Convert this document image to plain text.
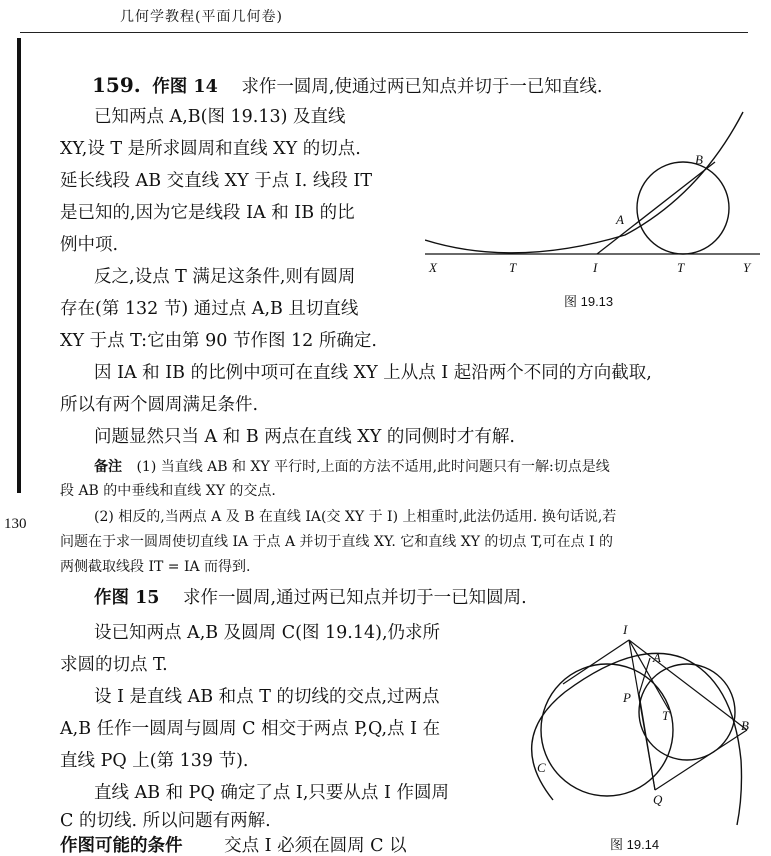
几何学教程(平面几何卷)
130
159. 作图 14 求作一圆周,使通过两已知点并切于一已知直线.
已知两点 A,B(图 19.13) 及直线
XY,设 T 是所求圆周和直线 XY 的切点.
延长线段 AB 交直线 XY 于点 I. 线段 IT
是已知的,因为它是线段 IA 和 IB 的比
例中项.
反之,设点 T 满足这条件,则有圆周
存在(第 132 节) 通过点 A,B 且切直线
XY 于点 T:它由第 90 节作图 12 所确定.
因 IA 和 IB 的比例中项可在直线 XY 上从点 I 起沿两个不同的方向截取,
所以有两个圆周满足条件.
问题显然只当 A 和 B 两点在直线 XY 的同侧时才有解.
备注 (1) 当直线 AB 和 XY 平行时,上面的方法不适用,此时问题只有一解:切点是线
段 AB 的中垂线和直线 XY 的交点.
(2) 相反的,当两点 A 及 B 在直线 IA(交 XY 于 I) 上相重时,此法仍适用. 换句话说,若
问题在于求一圆周使切直线 IA 于点 A 并切于直线 XY. 它和直线 XY 的切点 T,可在点 I 的
两侧截取线段 IT = IA 而得到.
作图 15 求作一圆周,通过两已知点并切于一已知圆周.
设已知两点 A,B 及圆周 C(图 19.14),仍求所
求圆的切点 T.
设 I 是直线 AB 和点 T 的切线的交点,过两点
A,B 任作一圆周与圆周 C 相交于两点 P,Q,点 I 在
直线 PQ 上(第 139 节).
直线 AB 和 PQ 确定了点 I,只要从点 I 作圆周
C 的切线. 所以问题有两解.
作图可能的条件 交点 I 必须在圆周 C 以
X	T	I	T	Y
A
B
图 19.13
I
A
P
T
B
C
Q
图 19.14
